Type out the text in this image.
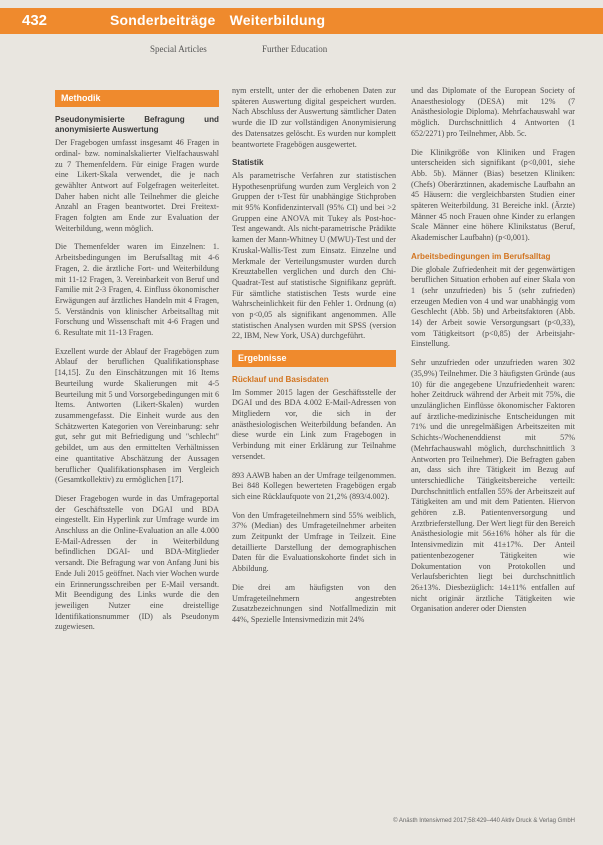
432	Sonderbeiträge Weiterbildung
Special Articles	Further Education
Methodik
Pseudonymisierte Befragung und anonymisierte Auswertung

Der Fragebogen umfasst insgesamt 46 Fragen in ordinal- bzw. nominalskalierter Vielfachauswahl zu 7 Themenfeldern. Für einige Fragen wurde eine Likert-Skala verwendet, die je nach gewählter Antwort auf Folgefragen weiterleitet. Daher haben nicht alle Teilnehmer die gleiche Anzahl an Fragen beantwortet. Drei Freitext-Fragen folgten am Ende zur Evaluation der Weiterbildung, wenn möglich.

Die Themenfelder waren im Einzelnen: 1. Arbeitsbedingungen im Berufsalltag mit 4-6 Fragen, 2. die ärztliche Fort- und Weiterbildung mit 11-12 Fragen, 3. Vereinbarkeit von Beruf und Familie mit 2-3 Fragen, 4. Einfluss ökonomischer Erwägungen auf ärztliches Handeln mit 4 Fragen, 5. Verständnis von klinischer Arbeitsalltag mit Forschung und Wissenschaft mit 4-6 Fragen und 6. Resultate mit 11-13 Fragen.

Exzellent wurde der Ablauf der Fragebögen zum Ablauf der beruflichen Qualifikationsphase [14,15]. Zu den Einschätzungen mit 16 Items Beurteilung wurde Skalierungen mit 4-5 Beurteilung mit 5 und Vorsorgebedingungen mit 6 Items. Antworten (Likert-Skalen) wurden zusammengefasst. Die Einheit wurde aus den Schätzwerten Kategorien von Vereinbarung: sehr gut, sehr gut mit Befriedigung und "schlecht" gebildet, um aus den ermittelten Verhältnissen eine quantitative Abschätzung der Aussagen beruflicher Qualifikationsphasen im Vergleich (Gesamtkollektiv) zu ermöglichen [17].

Dieser Fragebogen wurde in das Umfrageportal der Geschäftsstelle von DGAI und BDA eingestellt. Ein Hyperlink zur Umfrage wurde im Anschluss an die Online-Evaluation an alle 4.000 E-Mail-Adressen der in Weiterbildung befindlichen DGAI- und BDA-Mitglieder versandt. Die Befragung war von Anfang Juni bis Ende Juli 2015 geöffnet. Nach vier Wochen wurde ein Erinnerungsschreiben per E-Mail versandt. Mit Beendigung des Links wurde die den jeweiligen Nutzer eine dreistellige Identifikationsnummer (ID) als Pseudonym zugewiesen.

nym erstellt, unter der die erhobenen Daten zur späteren Auswertung digital gespeichert wurden. Nach Abschluss der Auswertung sämtlicher Daten wurde die ID zur vollständigen Anonymisierung des Datensatzes gelöscht. Es wurden nur komplett beantwortete Fragebögen ausgewertet.

Statistik

Als parametrische Verfahren zur statistischen Hypothesenprüfung wurden zum Vergleich von 2 Gruppen der t-Test für unabhängige Stichproben mit 95% Konfidenzintervall (95% CI) und bei >2 Gruppen eine ANOVA mit Tukey als Post-hoc-Test angewandt. Als nicht-parametrische Prädikte kamen der Mann-Whitney U (MWU)-Test und der Kruskal-Wallis-Test zum Einsatz. Einzelne und Merkmale der Verteilungsmuster wurden durch Kreuztabellen verglichen und durch den Chi-Quadrat-Test auf statistische Signifikanz geprüft. Für sämtliche statistischen Tests wurde eine Wahrscheinlichkeit für den Fehler 1. Ordnung (α) von p<0,05 als signifikant angenommen. Alle statistischen Analysen wurden mit SPSS (version 22, IBM, New York, USA) durchgeführt.

Ergebnisse
Rücklauf und Basisdaten

Im Sommer 2015 lagen der Geschäftsstelle der DGAI und des BDA 4.002 E-Mail-Adressen von Mitgliedern vor, die sich in der anästhesiologischen Weiterbildung befanden. An diese wurde ein Link zum Fragebogen in Verbindung mit einer Erklärung zur Teilnahme versendet.

893 AAWB haben an der Umfrage teilgenommen. Bei 848 Kollegen bewerteten Fragebögen ergab sich eine Rücklaufquote von 21,2% (893/4.002).

Von den Umfrageteilnehmern sind 55% weiblich, 37% (Median) des Umfrageteilnehmer arbeiten zum Zeitpunkt der Umfrage in Teilzeit. Eine detaillierte Darstellung der demographischen Daten für die Evaluationskohorte findet sich in Abbildung.

Die drei am häufigsten von den Umfrageteilnehmern angestrebten Zusatzbezeichnungen sind Notfallmedizin mit 44%, Spezielle Intensivmedizin mit 24%

und das Diplomate of the European Society of Anaesthesiology (DESA) mit 12% (7 Anästhesiologie Diploma). Mehrfachauswahl war möglich. Durchschnittlich 4 Antworten (1 652/2271) pro Teilnehmer, Abb. 5c.

Die Klinikgröße von Kliniken und Fragen unterscheiden sich signifikant (p<0,001, siehe Abb. 5b). Männer (Bias) besetzen Kliniken: (Chefs) Oberärztinnen, akademische Laufbahn an 45 Häusern: die vergleichbarsten Studien einer späteren Weiterbildung. 31 Bereiche inkl. (Ärzte) Männer 45 noch Frauen ohne Kinder zu erlangen Scale Männer eine höhere Klinikstatus (Beruf, Akademischer Laufbahn) (p<0,001).

Arbeitsbedingungen im Berufsalltag

Die globale Zufriedenheit mit der gegenwärtigen beruflichen Situation erhoben auf einer Skala von 1 (sehr unzufrieden) bis 5 (sehr zufrieden) erzeugen Medien von 4 und war unabhängig vom Geschlecht (Abb. 5b) und Arbeitsfaktoren (Abb. 14) der Arbeit sowie Versorgungsart (p<0,33), vom Tätigkeitsort (p<0,85) der Arbeitsjahr-Einstellung.

Sehr unzufrieden oder unzufrieden waren 302 (35,9%) Teilnehmer. Die 3 häufigsten Gründe (aus 10) für die angegebene Unzufriedenheit waren: hoher Zeitdruck während der Arbeit mit 75%, die unzulänglichen Einflüsse ökonomischer Faktoren auf ärztliche-medizinische Entscheidungen mit 71% und die unregelmäßigen Arbeitszeiten mit Schichts-/Wochenenddienst mit 57% (Mehrfachauswahl möglich, durchschnittlich 3 Antworten pro Teilnehmer). Die Befragten gaben an, dass sich ihre Tätigkeit im Bezug auf unterschiedliche Tätigkeitsbereiche verteilt: Durchschnittlich entfallen 55% der Arbeitszeit auf Tätigkeiten am und mit dem Patienten. Hiervon gehören z.B. Patientenversorgung und Arztbrieferstellung. Der Wert liegt für den Bereich Anästhesiologie mit 56±16% höher als für die Intensivmedizin mit 41±17%. Der Anteil patientenbezogener Tätigkeiten wie Dokumentation von Protokollen und Verlaufsberichten liegt bei durchschnittlich 26±13%. Diesbezüglich: 14±11% entfallen auf nicht originär ärztliche Tätigkeiten wie Organisation anderer oder Diensten

© Anästh Intensivmed 2017;58:429–440 Aktiv Druck & Verlag GmbH
